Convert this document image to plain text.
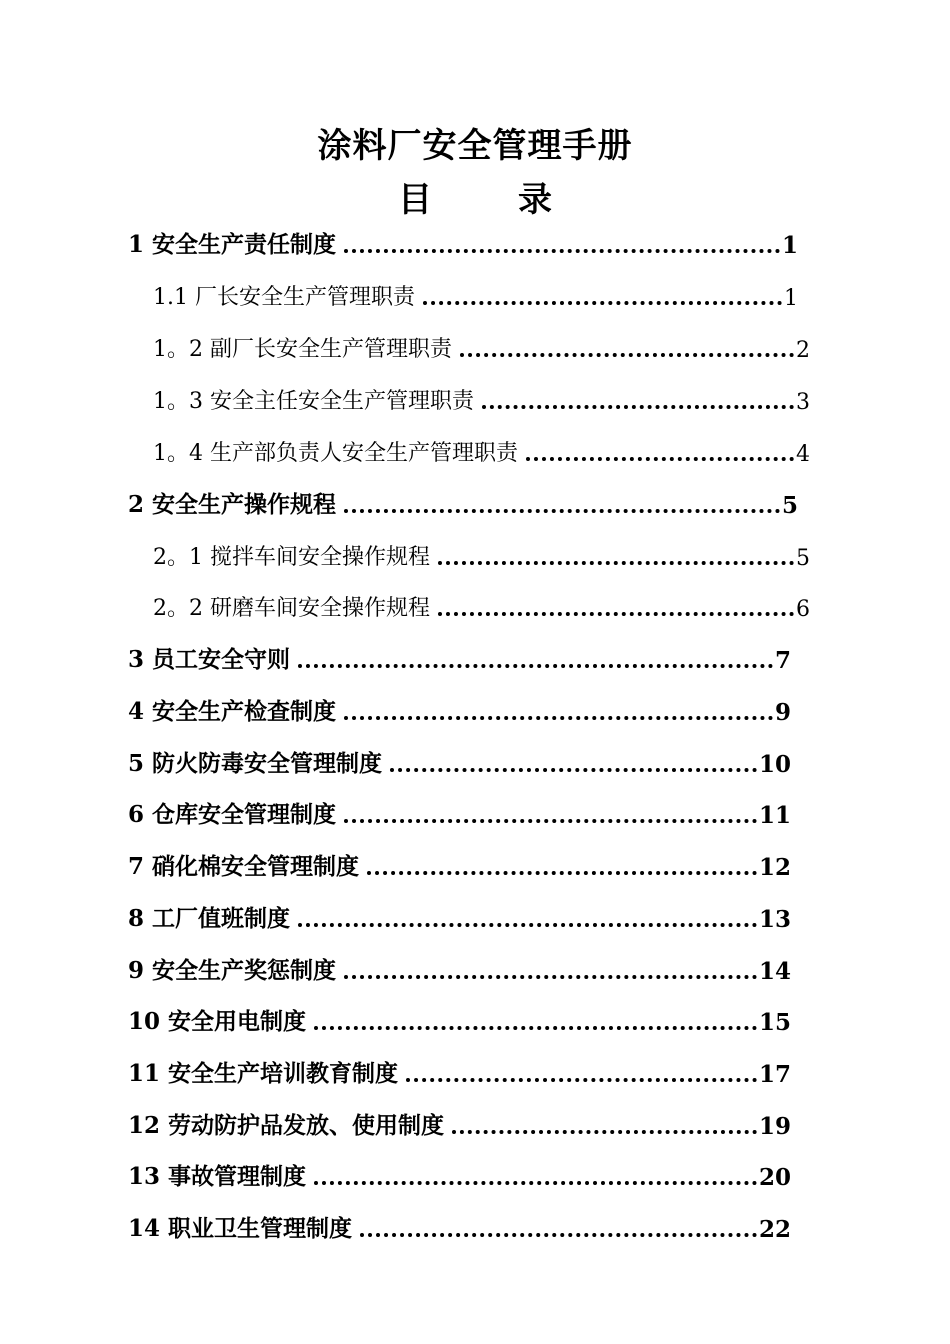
涂料厂安全管理手册
目	录
1 安全生产责任制度	1
1.1 厂长安全生产管理职责	1
1。2 副厂长安全生产管理职责	2
1。3 安全主任安全生产管理职责	3
1。4 生产部负责人安全生产管理职责	4
2 安全生产操作规程	5
2。1 搅拌车间安全操作规程	5
2。2 研磨车间安全操作规程	6
3 员工安全守则	7
4 安全生产检查制度	9
5 防火防毒安全管理制度	10
6 仓库安全管理制度	11
7 硝化棉安全管理制度	12
8 工厂值班制度	13
9 安全生产奖惩制度	14
10 安全用电制度	15
11 安全生产培训教育制度	17
12 劳动防护品发放、使用制度	19
13 事故管理制度	20
14 职业卫生管理制度	22
